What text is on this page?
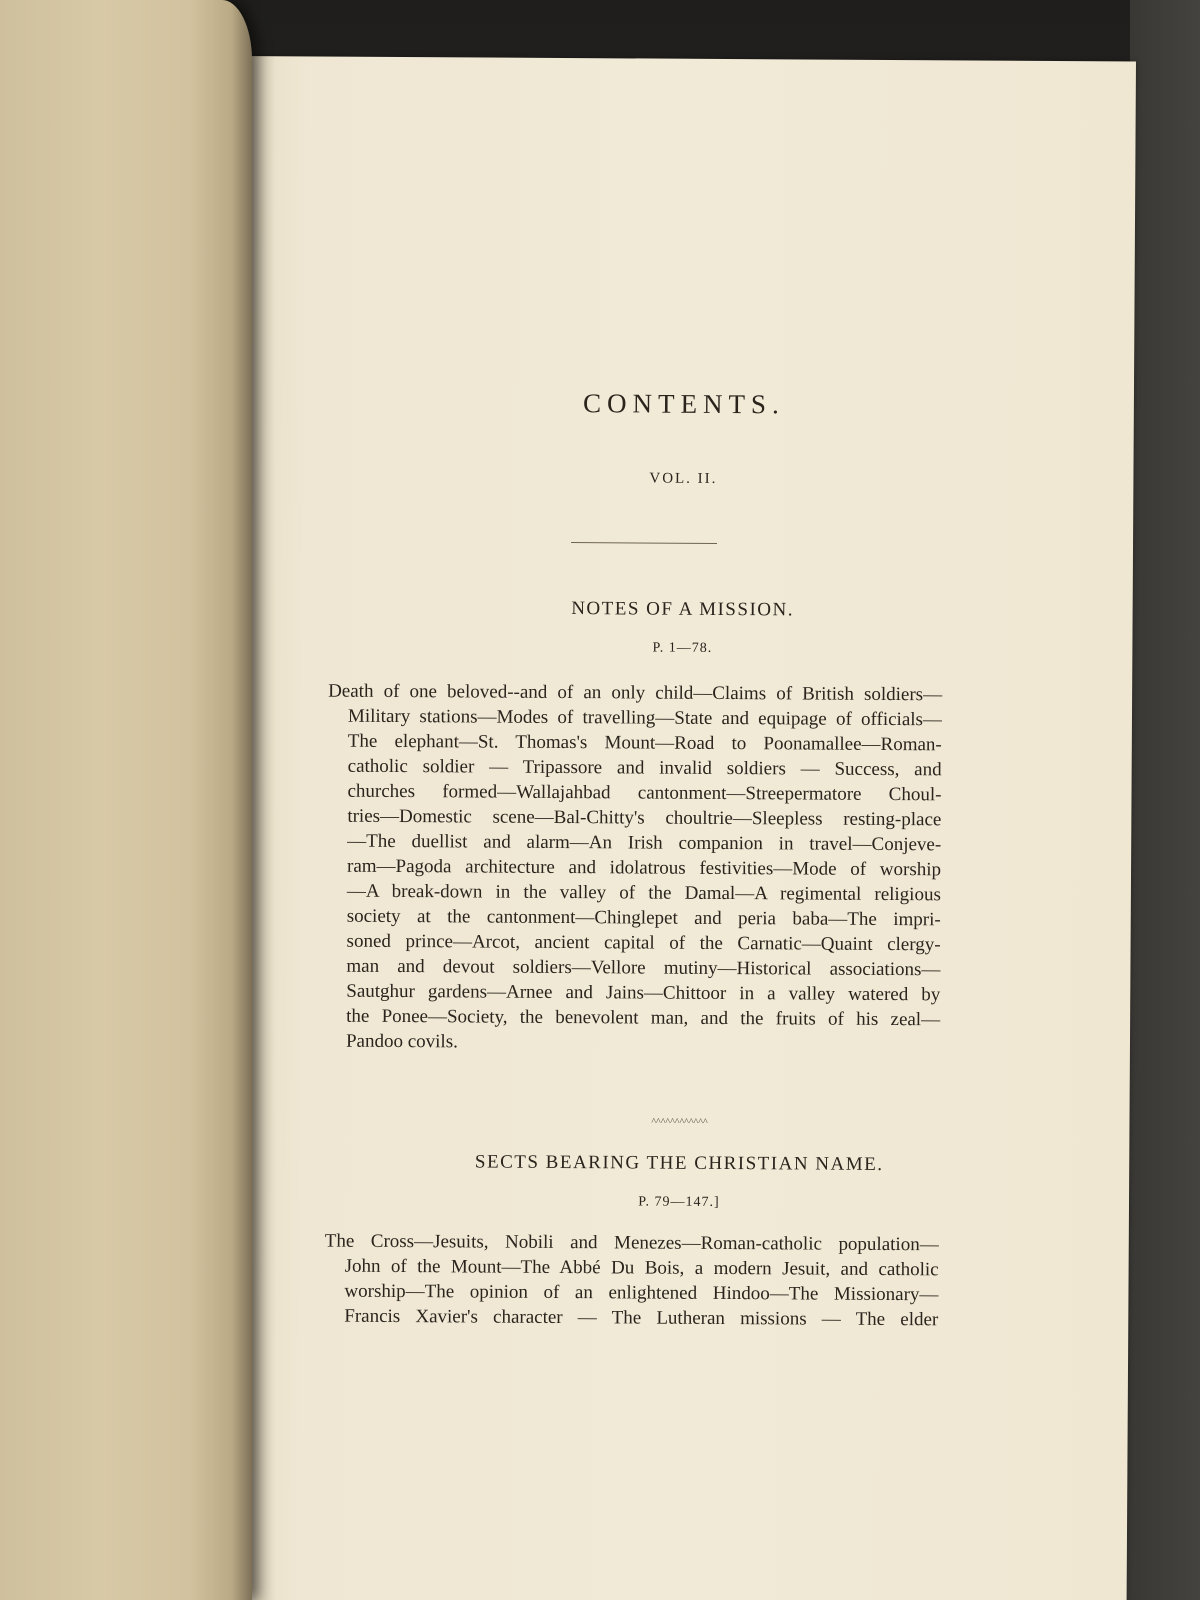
CONTENTS.
VOL. II.
NOTES OF A MISSION.
P. 1—78.
Death of one beloved--and of an only child—Claims of British soldiers—
Military stations—Modes of travelling—State and equipage of officials—
The elephant—St. Thomas's Mount—Road to Poonamallee—Roman-
catholic soldier — Tripassore and invalid soldiers — Success, and
churches formed—Wallajahbad cantonment—Streepermatore Choul-
tries—Domestic scene—Bal-Chitty's choultrie—Sleepless resting-place
—The duellist and alarm—An Irish companion in travel—Conjeve-
ram—Pagoda architecture and idolatrous festivities—Mode of worship
—A break-down in the valley of the Damal—A regimental religious
society at the cantonment—Chinglepet and peria baba—The impri-
soned prince—Arcot, ancient capital of the Carnatic—Quaint clergy-
man and devout soldiers—Vellore mutiny—Historical associations—
Sautghur gardens—Arnee and Jains—Chittoor in a valley watered by
the Ponee—Society, the benevolent man, and the fruits of his zeal—
Pandoo covils.
^^^^^^^^^^^^
SECTS BEARING THE CHRISTIAN NAME.
P. 79—147.]
The Cross—Jesuits, Nobili and Menezes—Roman-catholic population—
John of the Mount—The Abbé Du Bois, a modern Jesuit, and catholic
worship—The opinion of an enlightened Hindoo—The Missionary—
Francis Xavier's character — The Lutheran missions — The elder
